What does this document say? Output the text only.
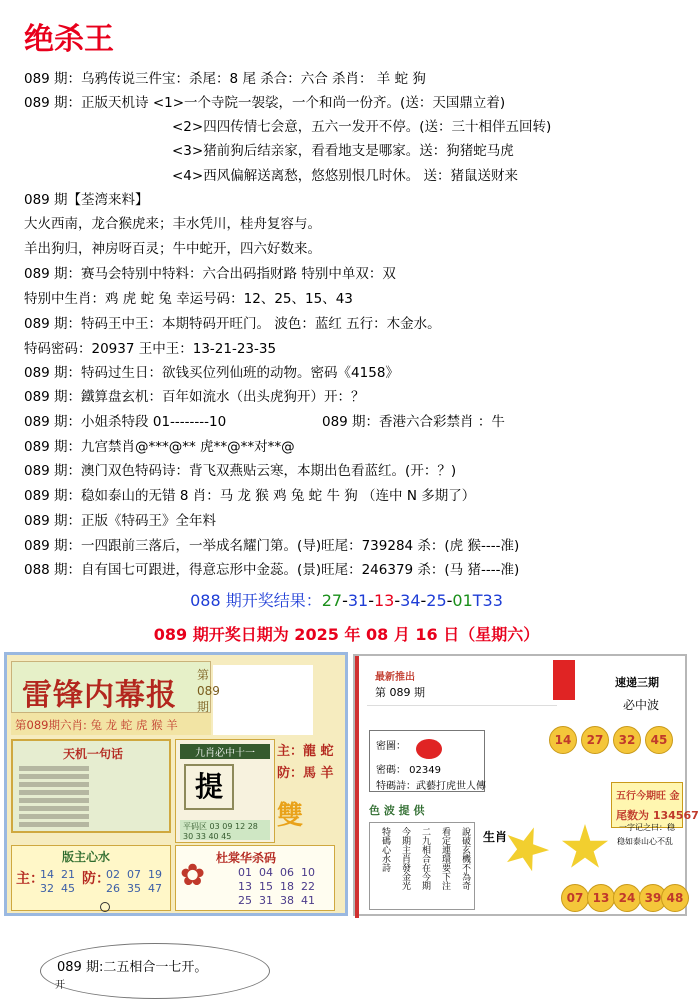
绝杀王
089 期：乌鸦传说三件宝：杀尾：8 尾 杀合：六合 杀肖： 羊 蛇 狗
089 期：正版天机诗 <1>一个寺院一袈裟，一个和尚一份齐。(送：天国鼎立着)
<2>四四传情七会意，五六一发开不停。(送：三十相伴五回转)
<3>猪前狗后结亲家，看看地支是哪家。送：狗猪蛇马虎
<4>西风偏解送离愁，悠悠别恨几时休。 送：猪鼠送财来
089 期【荃湾来料】
大火西南，龙合猴虎来；丰水凭川，桂舟复容与。
羊出狗归，神房呀百灵；牛中蛇开，四六好数来。
089 期：赛马会特别中特料：六合出码指财路 特别中单双：双
特别中生肖：鸡 虎 蛇 兔 幸运号码：12、25、15、43
089 期：特码王中王：本期特码开旺门。 波色：蓝红 五行：木金水。
特码密码：20937 王中王：13-21-23-35
089 期：特码过生日：欲钱买位列仙班的动物。密码《4158》
089 期：鐵算盘玄机：百年如流水（出头虎狗开）开：？
089 期：小姐杀特段 01--------10	089 期：香港六合彩禁肖 ：牛
089 期：九宫禁肖@***@** 虎**@**对**@
089 期：澳门双色特码诗：背飞双燕贴云寒，本期出色看蓝红。(开：？)
089 期：稳如泰山的无错 8 肖：马 龙 猴 鸡 兔 蛇 牛 狗 （连中 N 多期了）
089 期：正版《特码王》全年料
089 期：一四跟前三落后，一举成名耀门第。(导)旺尾：739284 杀：(虎 猴----准)
088 期：自有国七可跟进，得意忘形中金蕊。(景)旺尾：246379 杀：(马 猪----准)
088 期开奖结果：27-31-13-34-25-01T33
089 期开奖日期为 2025 年 08 月 16 日（星期六）
雷锋内幕报
第089期六肖: 兔 龙 蛇 虎 猴 羊
第
089
期
天机一句话	九肖必中十一
提
平码区 03 09 12 28 30 33 40 45
主：龍 蛇
防：馬 羊
雙
版主心水
主：
14  21
32  45
防：
02  07  19
26  35  47 ✿ 杜棠华杀码
01  04  06  10
13  15  18  22
25  31  38  41
最新推出
第 089 期
速递三期
必中波
14	27	32	45
密圖：
密碼： 02349
特碼詩：武藝打虎世人傳
五行今期旺 金
尾数为 134567
色 波 提 供
說破玄機不為奇
看定連環要下注
二九相合在今期
今期主肖發金光
特碼心水詩	生肖
一字记之曰：稳
稳如泰山心不乱
07 13 24 39 48
089 期:二五相合一七开。
开
